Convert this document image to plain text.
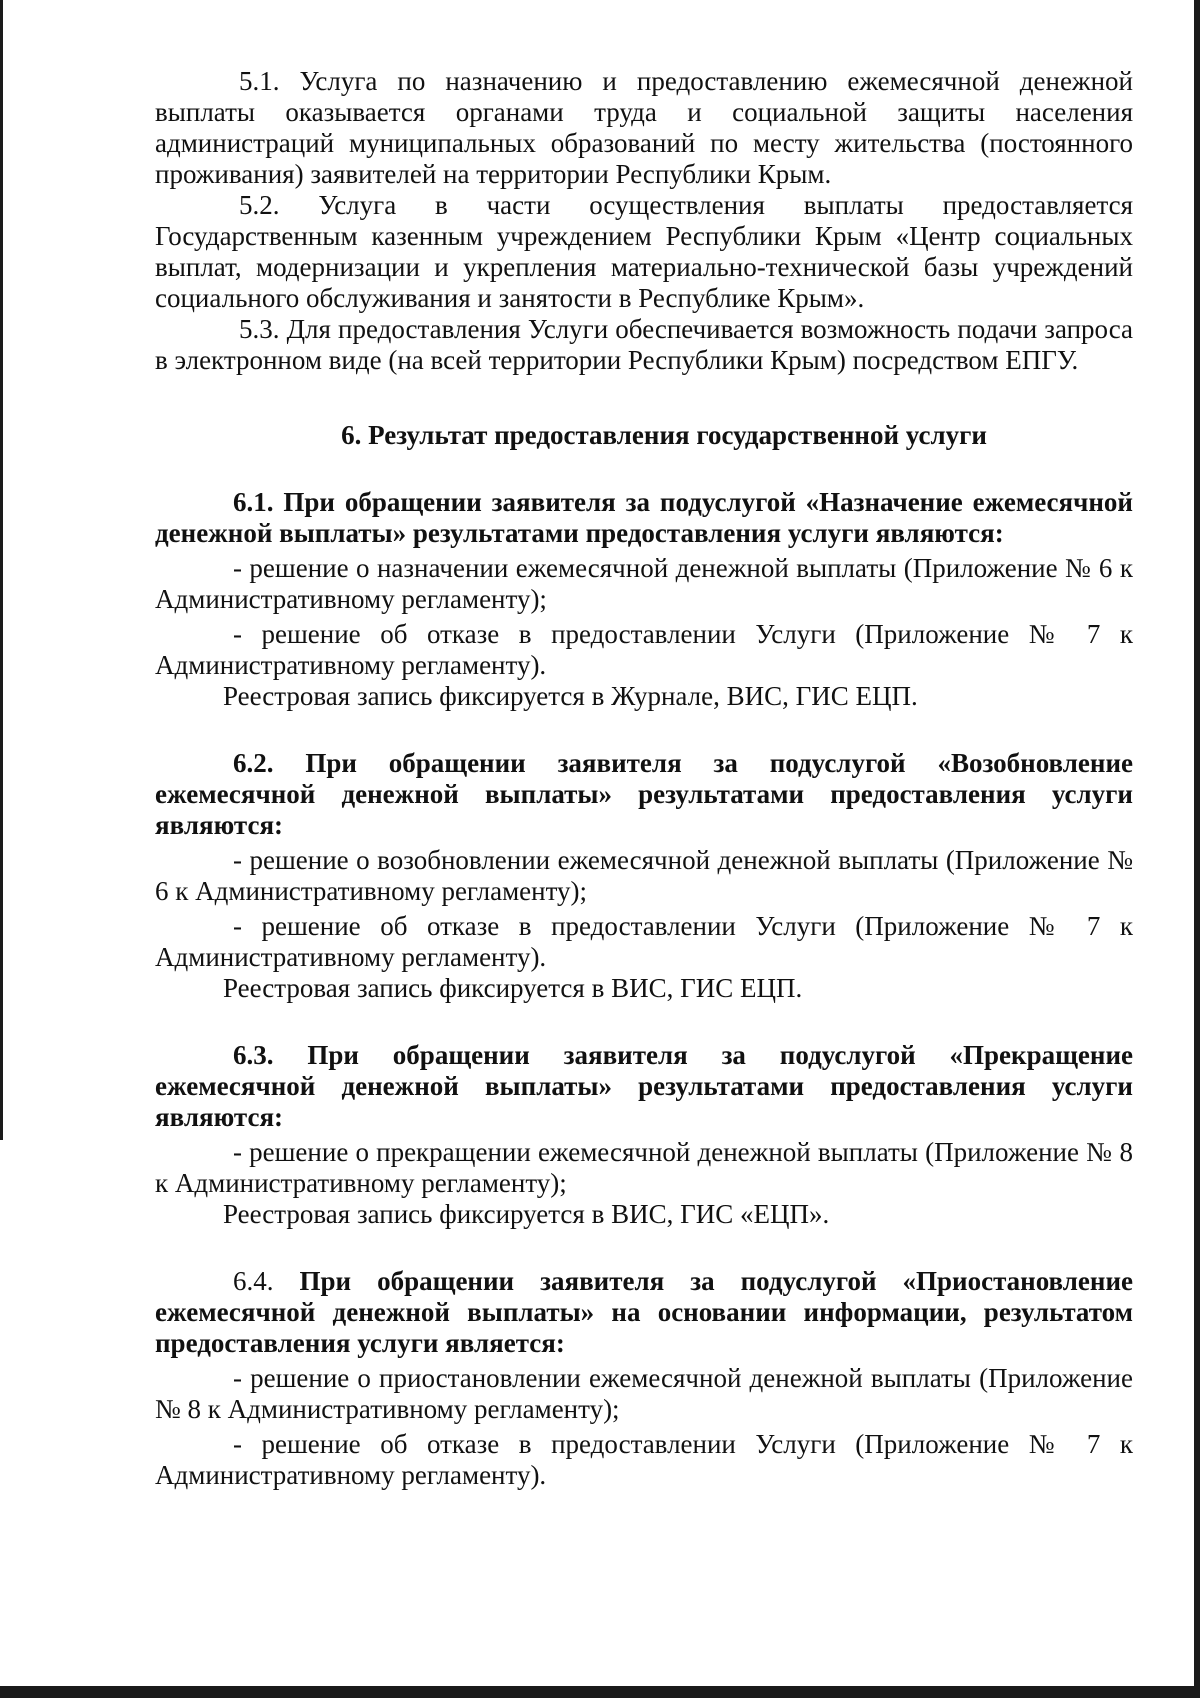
5.1. Услуга по назначению и предоставлению ежемесячной денежной выплаты оказывается органами труда и социальной защиты населения администраций муниципальных образований по месту жительства (постоянного проживания) заявителей на территории Республики Крым.

5.2. Услуга в части осуществления выплаты предоставляется Государственным казенным учреждением Республики Крым «Центр социальных выплат, модернизации и укрепления материально-технической базы учреждений социального обслуживания и занятости в Республике Крым».

5.3. Для предоставления Услуги обеспечивается возможность подачи запроса в электронном виде (на всей территории Республики Крым) посредством ЕПГУ.

6. Результат предоставления государственной услуги

6.1. При обращении заявителя за подуслугой «Назначение ежемесячной денежной выплаты» результатами предоставления услуги являются:

- решение о назначении ежемесячной денежной выплаты (Приложение № 6 к Административному регламенту);

- решение об отказе в предоставлении Услуги (Приложение № 7 к Административному регламенту).

Реестровая запись фиксируется в Журнале, ВИС, ГИС ЕЦП.

6.2. При обращении заявителя за подуслугой «Возобновление ежемесячной денежной выплаты» результатами предоставления услуги являются:

- решение о возобновлении ежемесячной денежной выплаты (Приложение № 6 к Административному регламенту);

- решение об отказе в предоставлении Услуги (Приложение № 7 к Административному регламенту).

Реестровая запись фиксируется в ВИС, ГИС ЕЦП.

6.3. При обращении заявителя за подуслугой «Прекращение ежемесячной денежной выплаты» результатами предоставления услуги являются:

- решение о прекращении ежемесячной денежной выплаты (Приложение № 8 к Административному регламенту);

Реестровая запись фиксируется в ВИС, ГИС «ЕЦП».

6.4. При обращении заявителя за подуслугой «Приостановление ежемесячной денежной выплаты» на основании информации, результатом предоставления услуги является:

- решение о приостановлении ежемесячной денежной выплаты (Приложение № 8 к Административному регламенту);

- решение об отказе в предоставлении Услуги (Приложение № 7 к Административному регламенту).
